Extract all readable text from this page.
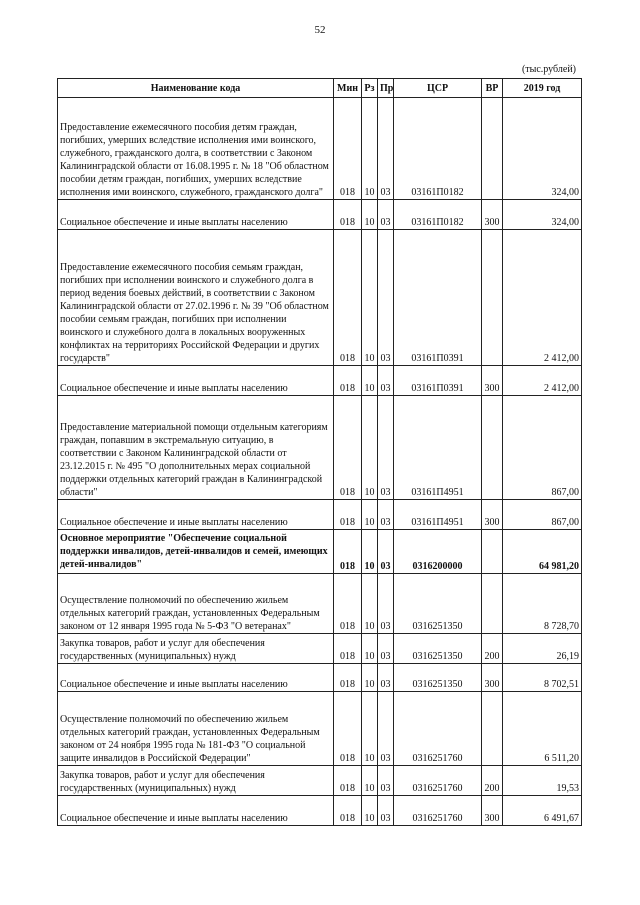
52
(тыс.рублей)
Наименование кода	Мин	Рз	Пр	ЦСР	ВР	2019 год
Предоставление ежемесячного пособия детям граждан, погибших, умерших вследствие исполнения ими воинского, служебного, гражданского долга, в соответствии с Законом Калининградской области от 16.08.1995 г. № 18 "Об областном пособии детям граждан, погибших, умерших вследствие исполнения ими воинского, служебного, гражданского долга"	018	10	03	03161П0182		324,00
Социальное обеспечение и иные выплаты населению	018	10	03	03161П0182	300	324,00
Предоставление ежемесячного пособия семьям граждан, погибших при исполнении воинского и служебного долга в период ведения боевых действий, в соответствии с Законом Калининградской области от 27.02.1996 г. № 39 "Об областном пособии семьям граждан, погибших при исполнении воинского и служебного долга в локальных вооруженных конфликтах на территориях Российской Федерации и других государств"	018	10	03	03161П0391		2 412,00
Социальное обеспечение и иные выплаты населению	018	10	03	03161П0391	300	2 412,00
Предоставление материальной помощи отдельным категориям граждан, попавшим в экстремальную ситуацию, в соответствии с Законом Калининградской области от 23.12.2015 г. № 495 "О дополнительных мерах социальной поддержки отдельных категорий граждан в Калининградской области"	018	10	03	03161П4951		867,00
Социальное обеспечение и иные выплаты населению	018	10	03	03161П4951	300	867,00
Основное мероприятие "Обеспечение социальной поддержки инвалидов, детей-инвалидов и семей, имеющих детей-инвалидов"	018	10	03	0316200000		64 981,20
Осуществление полномочий по обеспечению жильем отдельных категорий граждан, установленных Федеральным законом от 12 января 1995 года № 5-ФЗ "О ветеранах"	018	10	03	0316251350		8 728,70
Закупка товаров, работ и услуг для обеспечения государственных (муниципальных) нужд	018	10	03	0316251350	200	26,19
Социальное обеспечение и иные выплаты населению	018	10	03	0316251350	300	8 702,51
Осуществление полномочий по обеспечению жильем отдельных категорий граждан, установленных Федеральным законом от 24 ноября 1995 года № 181-ФЗ "О социальной защите инвалидов в Российской Федерации"	018	10	03	0316251760		6 511,20
Закупка товаров, работ и услуг для обеспечения государственных (муниципальных) нужд	018	10	03	0316251760	200	19,53
Социальное обеспечение и иные выплаты населению	018	10	03	0316251760	300	6 491,67
